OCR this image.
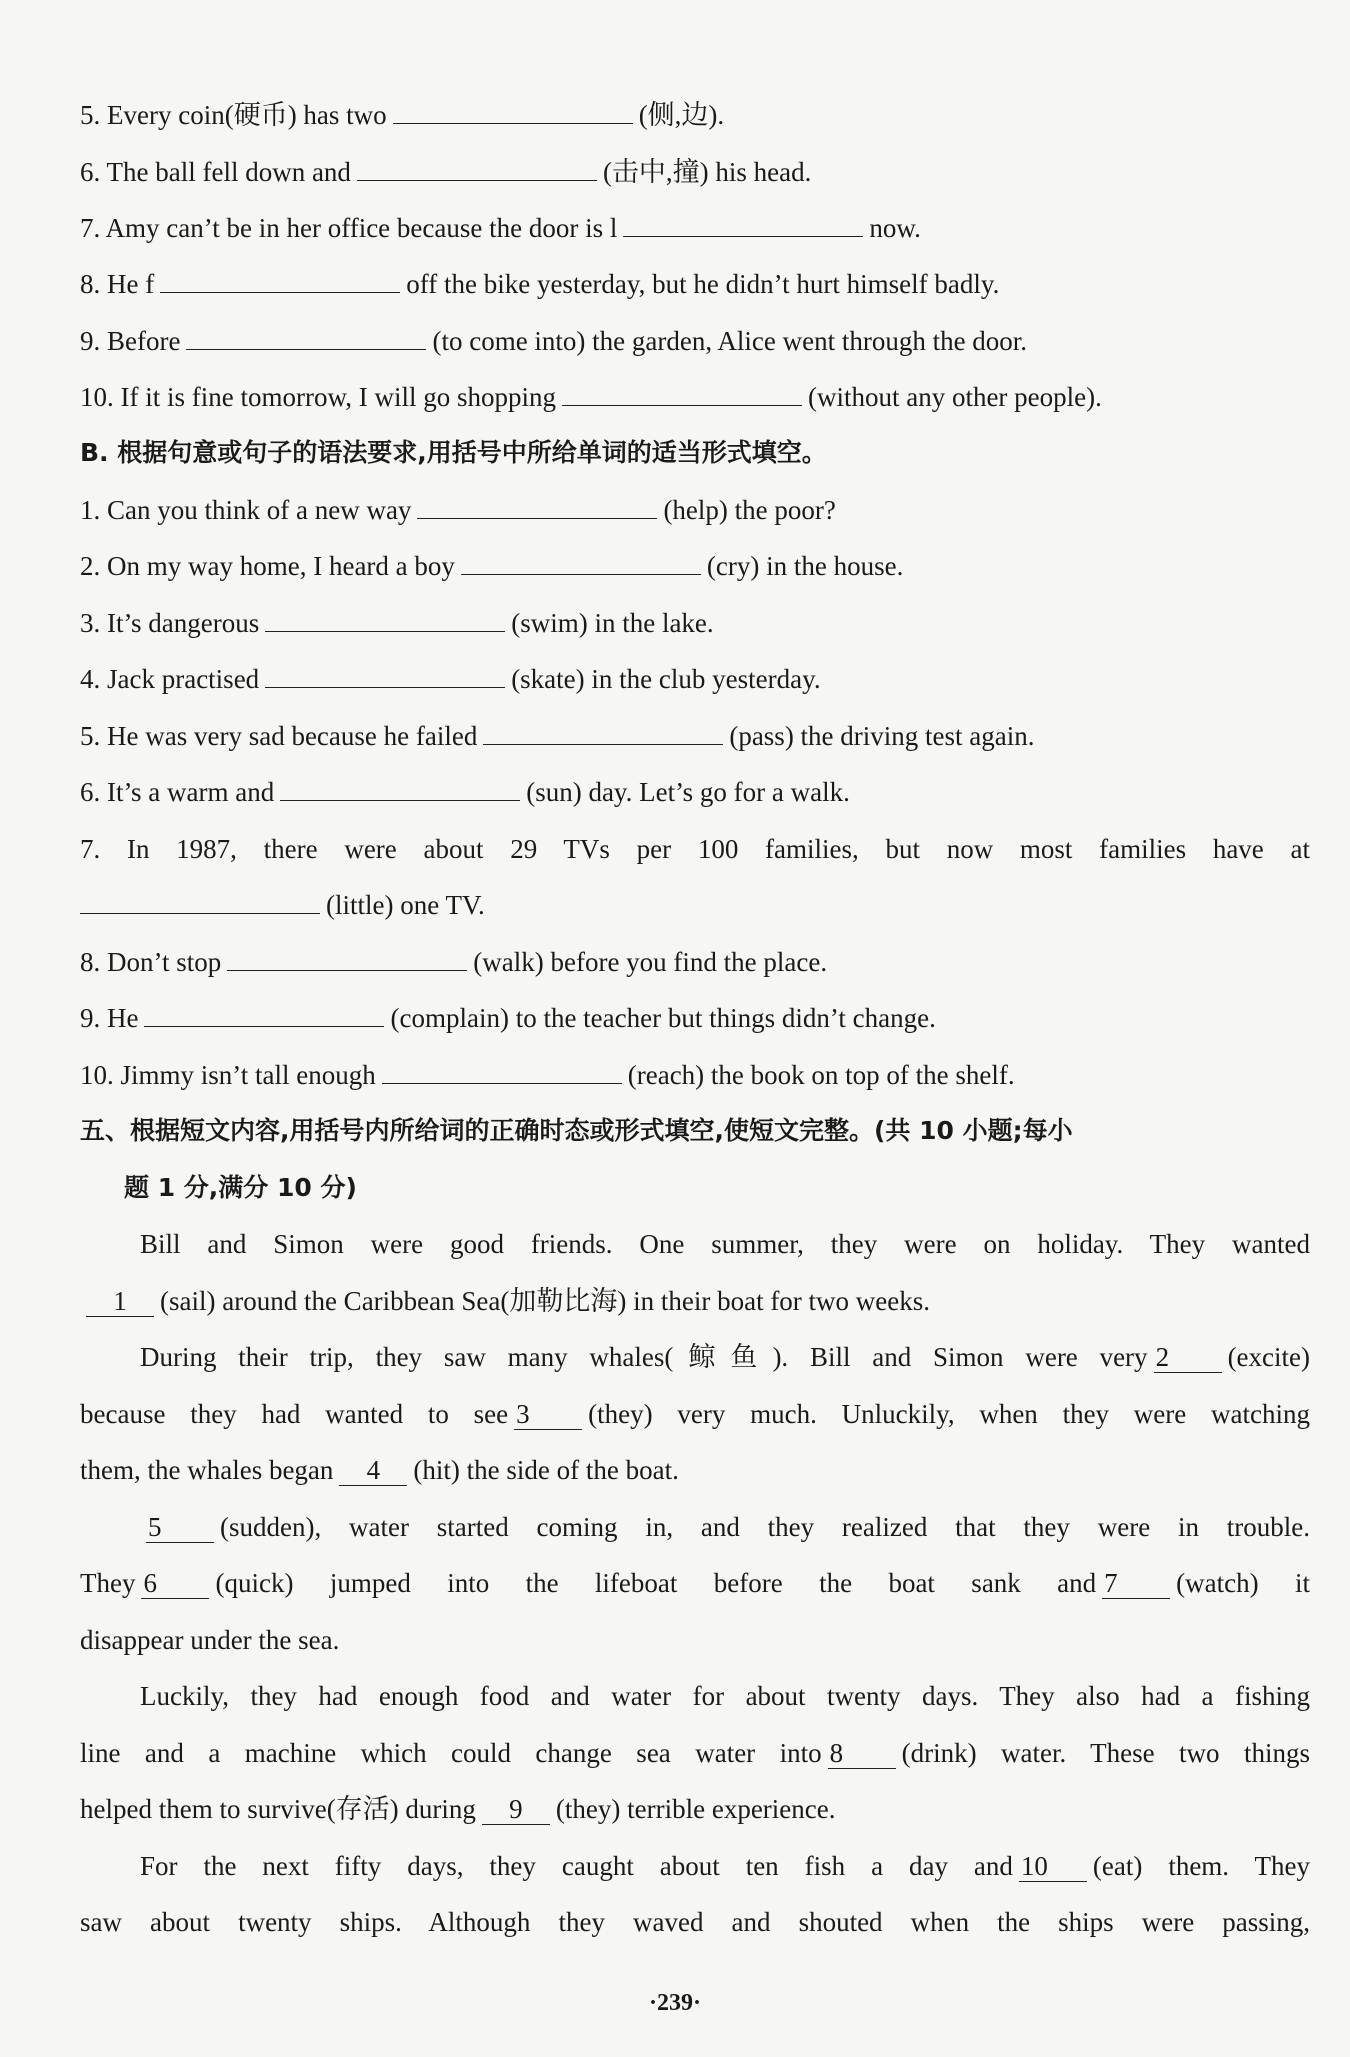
5. Every coin(硬币) has two	(侧,边).
6. The ball fell down and	(击中,撞) his head.
7. Amy can’t be in her office because the door is l	now.
8. He f	off the bike yesterday, but he didn’t hurt himself badly.
9. Before	(to come into) the garden, Alice went through the door.
10. If it is fine tomorrow, I will go shopping	(without any other people).
B. 根据句意或句子的语法要求,用括号中所给单词的适当形式填空。
1. Can you think of a new way	(help) the poor?
2. On my way home, I heard a boy	(cry) in the house.
3. It’s dangerous	(swim) in the lake.
4. Jack practised	(skate) in the club yesterday.
5. He was very sad because he failed	(pass) the driving test again.
6. It’s a warm and	(sun) day. Let’s go for a walk.
7. In 1987, there were about 29 TVs per 100 families, but now most families have at
(little) one TV.
8. Don’t stop	(walk) before you find the place.
9. He	(complain) to the teacher but things didn’t change.
10. Jimmy isn’t tall enough	(reach) the book on top of the shelf.
五、根据短文内容,用括号内所给词的正确时态或形式填空,使短文完整。(共 10 小题;每小
题 1 分,满分 10 分)
Bill and Simon were good friends. One summer, they were on holiday. They wanted
1 (sail) around the Caribbean Sea(加勒比海) in their boat for two weeks.
During their trip, they saw many whales(鲸鱼). Bill and Simon were very 2 (excite)
because they had wanted to see 3 (they) very much. Unluckily, when they were watching
them, the whales began 4 (hit) the side of the boat.
5 (sudden), water started coming in, and they realized that they were in trouble.
They 6 (quick) jumped into the lifeboat before the boat sank and 7 (watch) it
disappear under the sea.
Luckily, they had enough food and water for about twenty days. They also had a fishing
line and a machine which could change sea water into 8 (drink) water. These two things
helped them to survive(存活) during 9 (they) terrible experience.
For the next fifty days, they caught about ten fish a day and 10 (eat) them. They
saw about twenty ships. Although they waved and shouted when the ships were passing,
·239·
